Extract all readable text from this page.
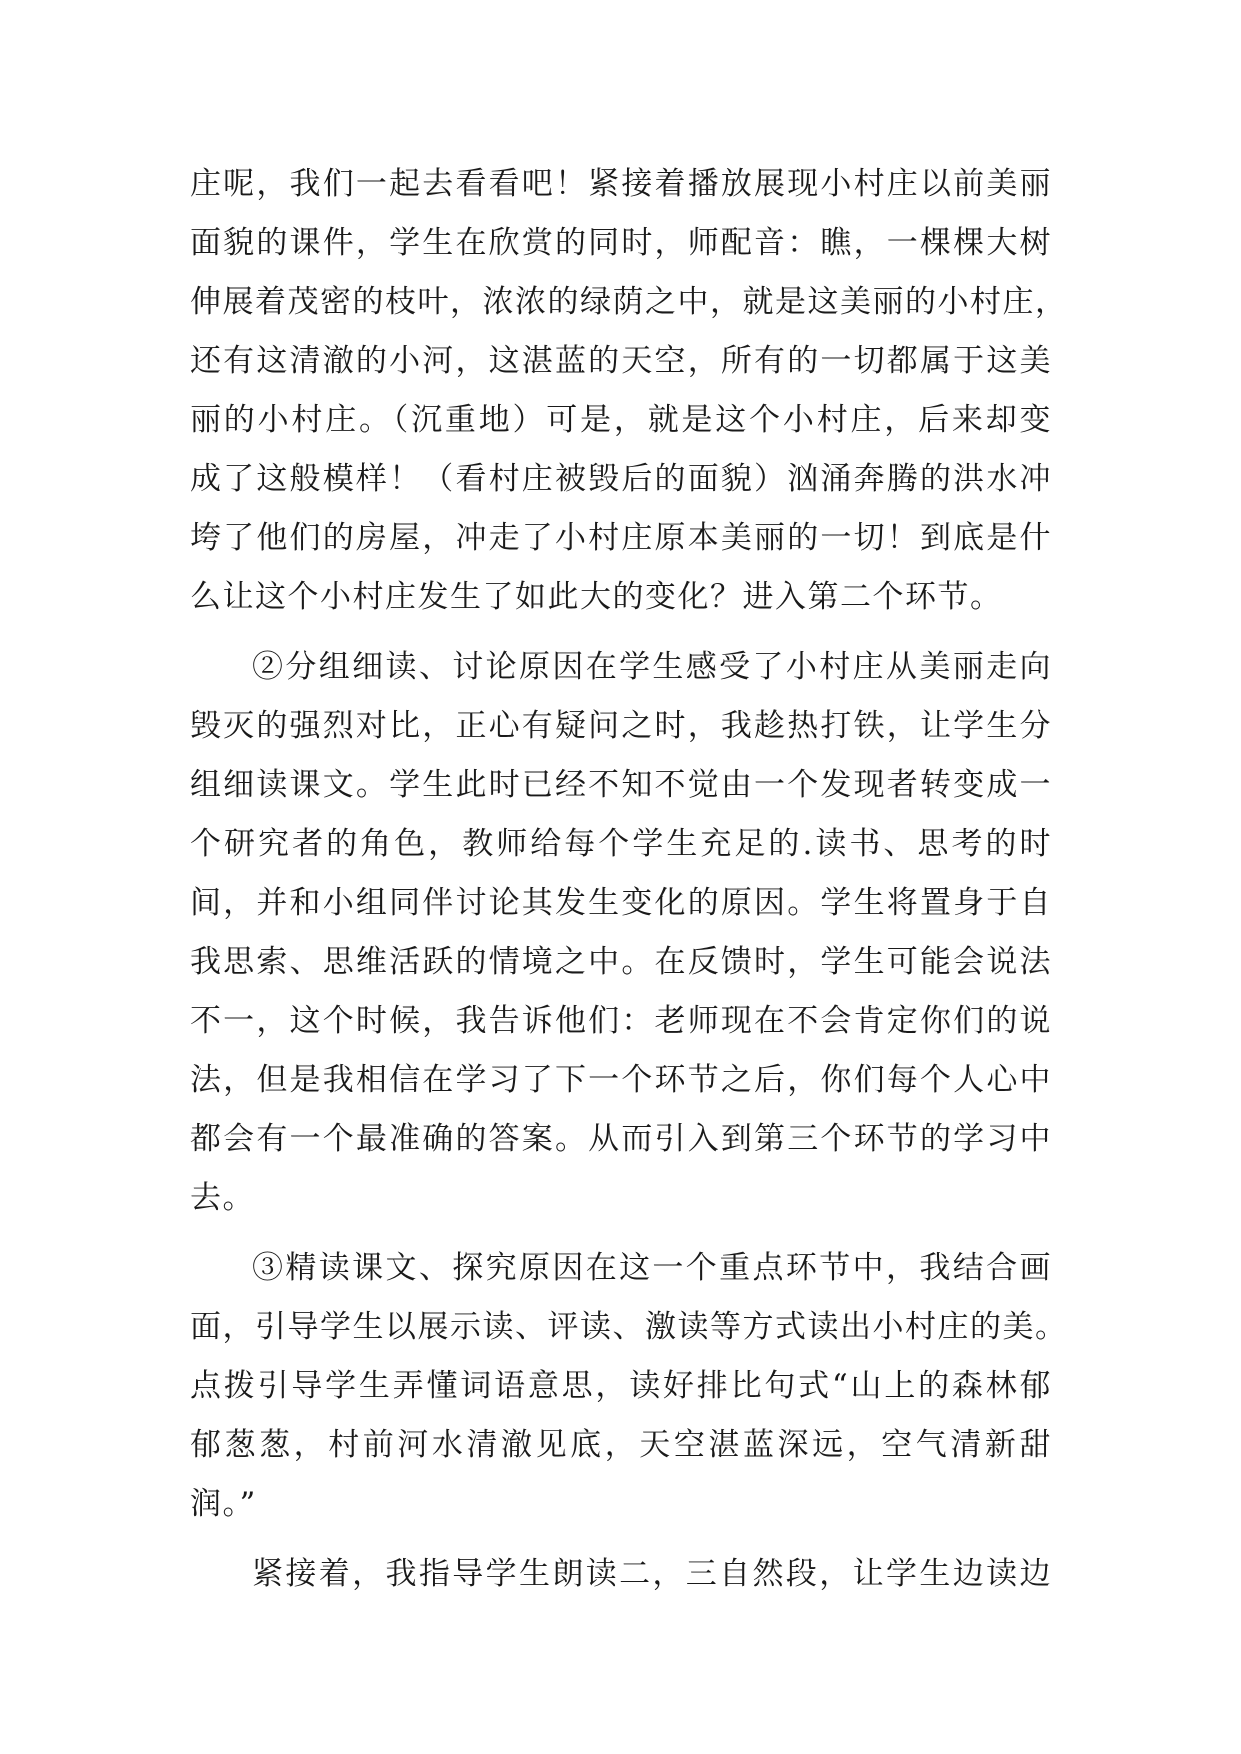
庄呢，我们一起去看看吧！紧接着播放展现小村庄以前美丽
面貌的课件，学生在欣赏的同时，师配音：瞧，一棵棵大树
伸展着茂密的枝叶，浓浓的绿荫之中，就是这美丽的小村庄，
还有这清澈的小河，这湛蓝的天空，所有的一切都属于这美
丽的小村庄。（沉重地）可是，就是这个小村庄，后来却变
成了这般模样！（看村庄被毁后的面貌）汹涌奔腾的洪水冲
垮了他们的房屋，冲走了小村庄原本美丽的一切！到底是什
么让这个小村庄发生了如此大的变化？进入第二个环节。
②分组细读、讨论原因在学生感受了小村庄从美丽走向
毁灭的强烈对比，正心有疑问之时，我趁热打铁，让学生分
组细读课文。学生此时已经不知不觉由一个发现者转变成一
个研究者的角色，教师给每个学生充足的.读书、思考的时
间，并和小组同伴讨论其发生变化的原因。学生将置身于自
我思索、思维活跃的情境之中。在反馈时，学生可能会说法
不一，这个时候，我告诉他们：老师现在不会肯定你们的说
法，但是我相信在学习了下一个环节之后，你们每个人心中
都会有一个最准确的答案。从而引入到第三个环节的学习中
去。
③精读课文、探究原因在这一个重点环节中，我结合画
面，引导学生以展示读、评读、激读等方式读出小村庄的美。
点拨引导学生弄懂词语意思，读好排比句式“山上的森林郁
郁葱葱，村前河水清澈见底，天空湛蓝深远，空气清新甜
润。”
紧接着，我指导学生朗读二，三自然段，让学生边读边
